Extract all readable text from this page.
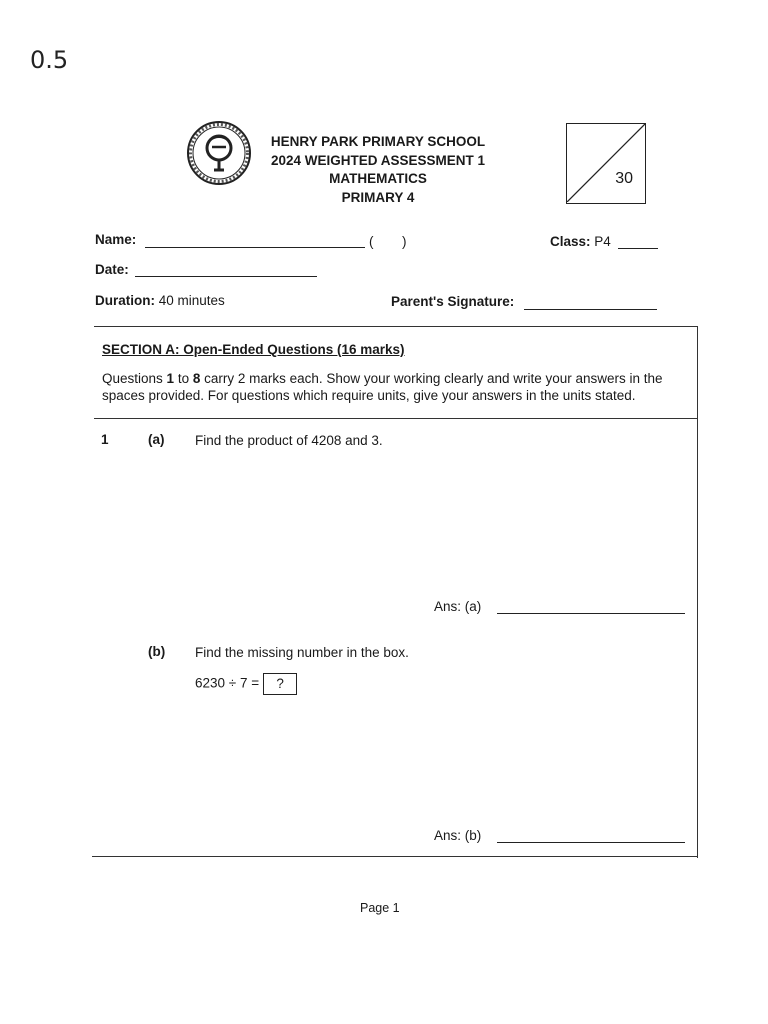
0.5
HENRY PARK PRIMARY SCHOOL
2024 WEIGHTED ASSESSMENT 1
MATHEMATICS
PRIMARY 4
30
Name:	( )	Class: P4
Date:
Duration: 40 minutes	Parent's Signature:
SECTION A: Open-Ended Questions (16 marks)
Questions 1 to 8 carry 2 marks each. Show your working clearly and write your answers in the spaces provided. For questions which require units, give your answers in the units stated.
1	(a) Find the product of 4208 and 3.
Ans: (a)
(b) Find the missing number in the box.
6230 ÷ 7 = ?
Ans: (b)
Page 1
